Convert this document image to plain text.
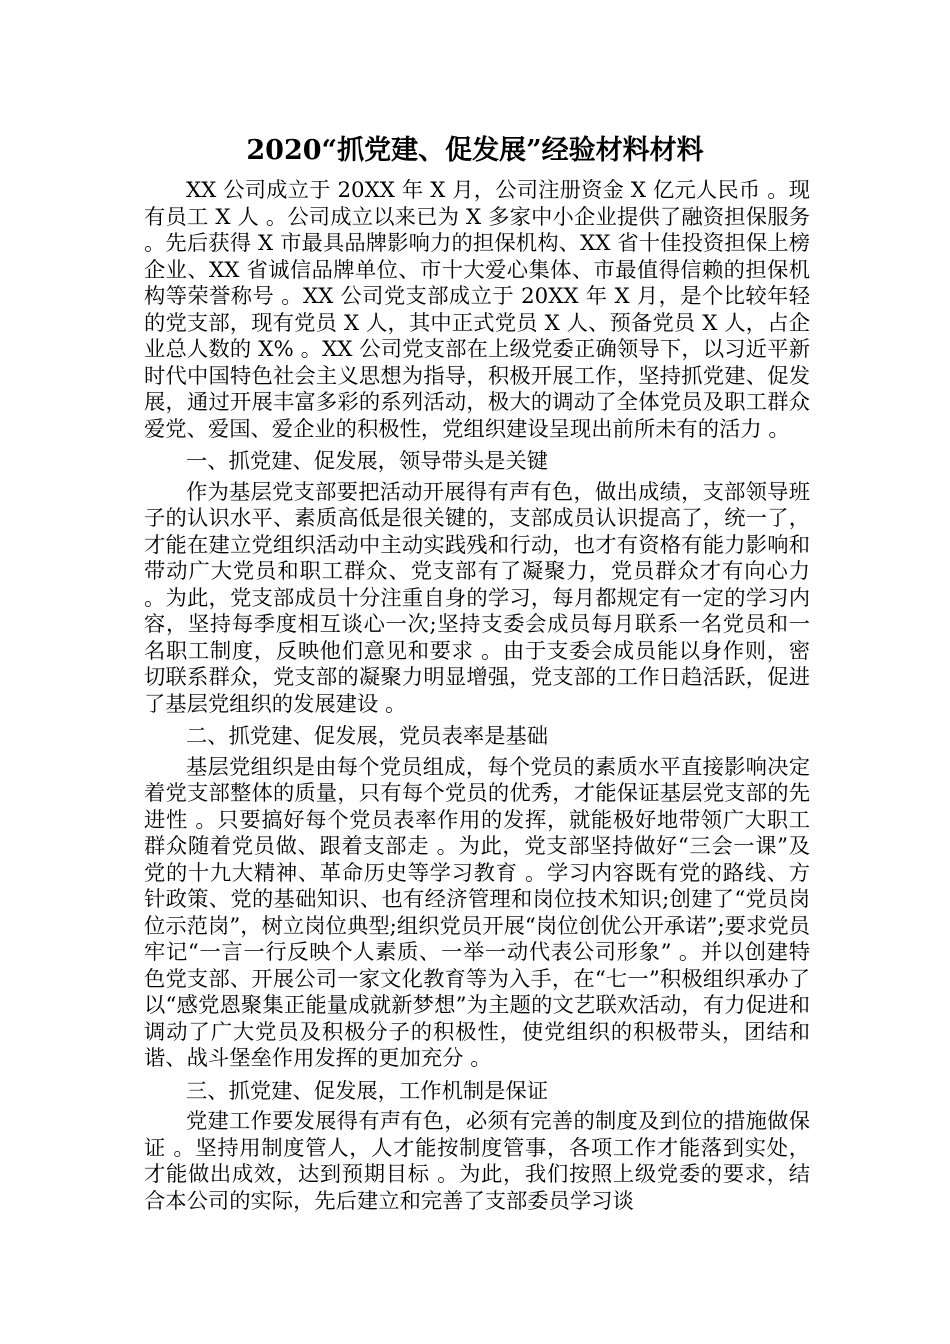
2020“抓党建、促发展”经验材料材料

XX 公司成立于 20XX 年 X 月，公司注册资金 X 亿元人民币 。现有员工 X 人 。公司成立以来已为 X 多家中小企业提供了融资担保服务 。先后获得 X 市最具品牌影响力的担保机构、XX 省十佳投资担保上榜企业、XX 省诚信品牌单位、市十大爱心集体、市最值得信赖的担保机构等荣誉称号 。XX 公司党支部成立于 20XX 年 X 月，是个比较年轻的党支部，现有党员 X 人，其中正式党员 X 人、预备党员 X 人，占企业总人数的 X% 。XX 公司党支部在上级党委正确领导下，以习近平新时代中国特色社会主义思想为指导，积极开展工作，坚持抓党建、促发展，通过开展丰富多彩的系列活动，极大的调动了全体党员及职工群众爱党、爱国、爱企业的积极性，党组织建设呈现出前所未有的活力 。

一、抓党建、促发展，领导带头是关键

作为基层党支部要把活动开展得有声有色，做出成绩，支部领导班子的认识水平、素质高低是很关键的，支部成员认识提高了，统一了，才能在建立党组织活动中主动实践残和行动，也才有资格有能力影响和带动广大党员和职工群众、党支部有了凝聚力，党员群众才有向心力 。为此，党支部成员十分注重自身的学习，每月都规定有一定的学习内容，坚持每季度相互谈心一次;坚持支委会成员每月联系一名党员和一名职工制度，反映他们意见和要求 。由于支委会成员能以身作则，密切联系群众，党支部的凝聚力明显增强，党支部的工作日趋活跃，促进了基层党组织的发展建设 。

二、抓党建、促发展，党员表率是基础

基层党组织是由每个党员组成，每个党员的素质水平直接影响决定着党支部整体的质量，只有每个党员的优秀，才能保证基层党支部的先进性 。只要搞好每个党员表率作用的发挥，就能极好地带领广大职工群众随着党员做、跟着支部走 。为此，党支部坚持做好“三会一课”及党的十九大精神、革命历史等学习教育 。学习内容既有党的路线、方针政策、党的基础知识、也有经济管理和岗位技术知识;创建了“党员岗位示范岗”，树立岗位典型;组织党员开展“岗位创优公开承诺”;要求党员牢记“一言一行反映个人素质、一举一动代表公司形象” 。并以创建特色党支部、开展公司一家文化教育等为入手，在“七一”积极组织承办了以“感党恩聚集正能量成就新梦想”为主题的文艺联欢活动，有力促进和调动了广大党员及积极分子的积极性，使党组织的积极带头，团结和谐、战斗堡垒作用发挥的更加充分 。

三、抓党建、促发展，工作机制是保证

党建工作要发展得有声有色，必须有完善的制度及到位的措施做保证 。坚持用制度管人，人才能按制度管事，各项工作才能落到实处，才能做出成效，达到预期目标 。为此，我们按照上级党委的要求，结合本公司的实际，先后建立和完善了支部委员学习谈
